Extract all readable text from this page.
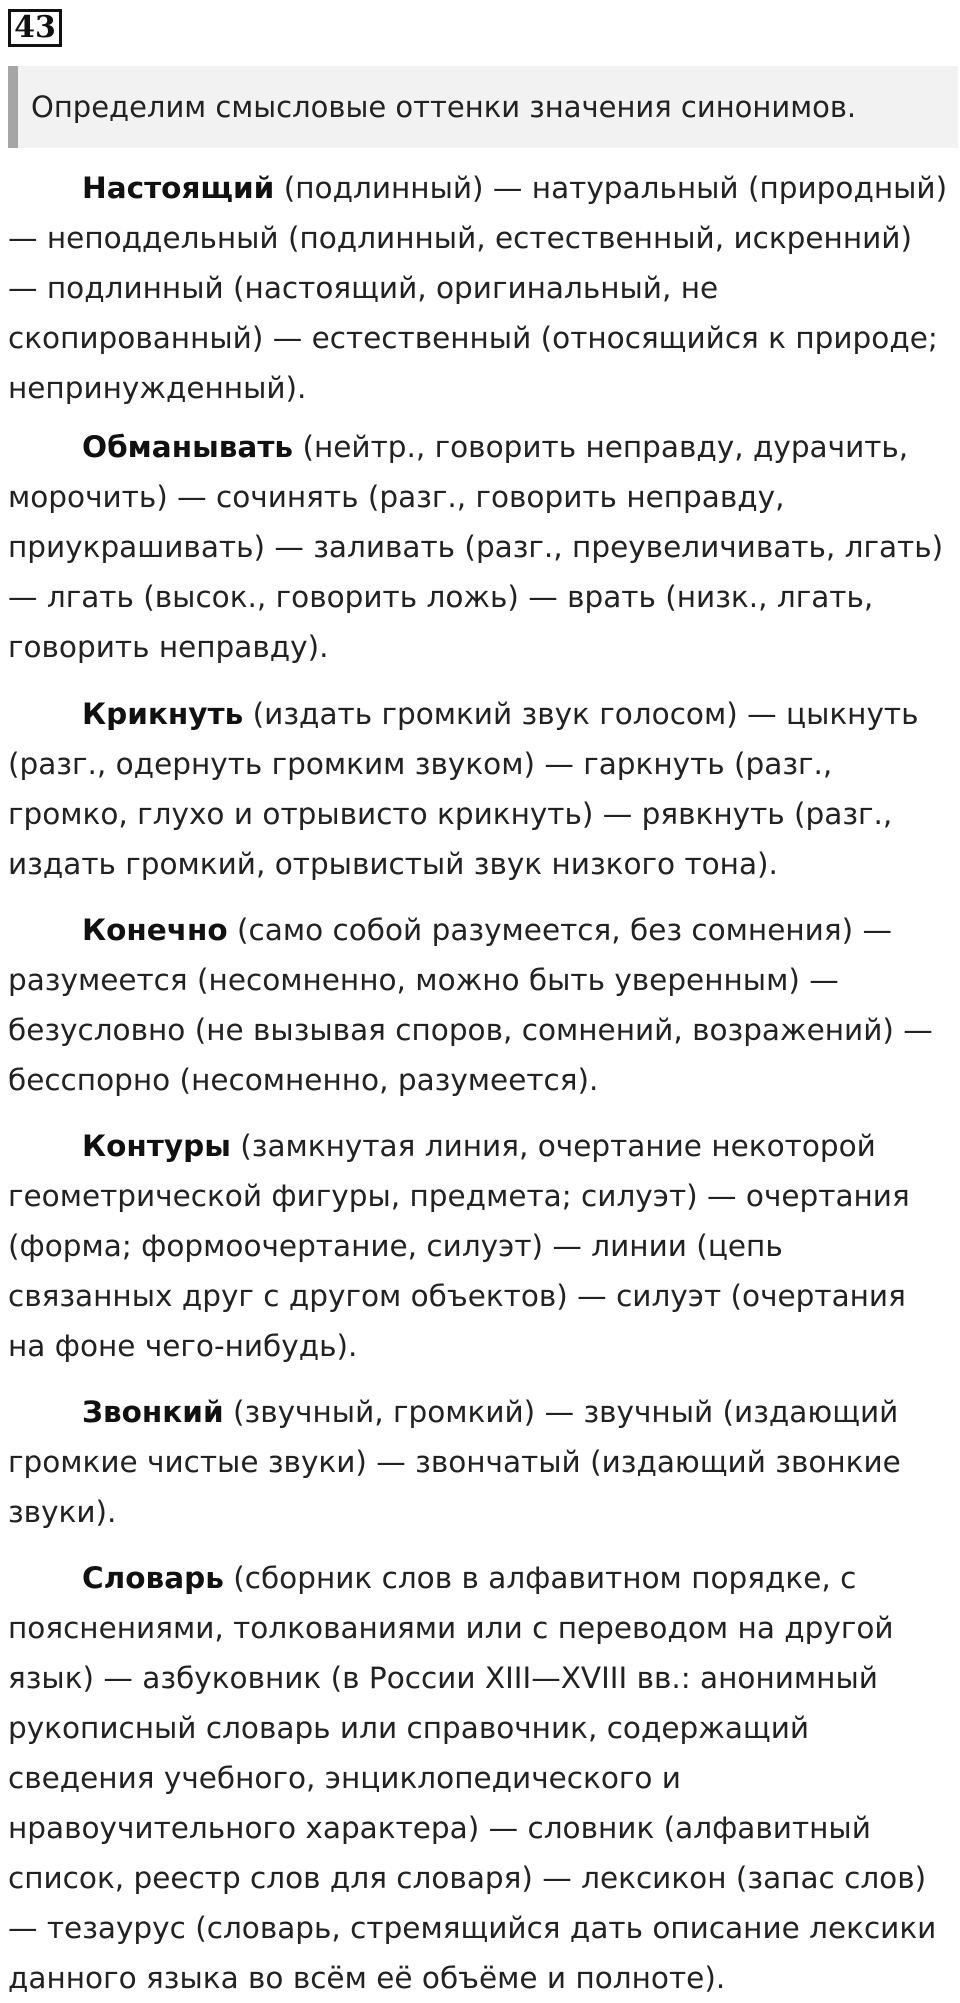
43
Определим смысловые оттенки значения синонимов.

Настоящий (подлинный) — натуральный (природный) — неподдельный (подлинный, естественный, искренний) — подлинный (настоящий, оригинальный, не скопированный) — естественный (относящийся к природе; непринужденный).

Обманывать (нейтр., говорить неправду, дурачить, морочить) — сочинять (разг., говорить неправду, приукрашивать) — заливать (разг., преувеличивать, лгать) — лгать (высок., говорить ложь) — врать (низк., лгать, говорить неправду).

Крикнуть (издать громкий звук голосом) — цыкнуть (разг., одернуть громким звуком) — гаркнуть (разг., громко, глухо и отрывисто крикнуть) — рявкнуть (разг., издать громкий, отрывистый звук низкого тона).

Конечно (само собой разумеется, без сомнения) — разумеется (несомненно, можно быть уверенным) — безусловно (не вызывая споров, сомнений, возражений) — бесспорно (несомненно, разумеется).

Контуры (замкнутая линия, очертание некоторой геометрической фигуры, предмета; силуэт) — очертания (форма; формоочертание, силуэт) — линии (цепь связанных друг с другом объектов) — силуэт (очертания на фоне чего-нибудь).

Звонкий (звучный, громкий) — звучный (издающий громкие чистые звуки) — звончатый (издающий звонкие звуки).

Словарь (сборник слов в алфавитном порядке, с пояснениями, толкованиями или с переводом на другой язык) — азбуковник (в России XIII—XVIII вв.: анонимный рукописный словарь или справочник, содержащий сведения учебного, энциклопедического и нравоучительного характера) — словник (алфавитный список, реестр слов для словаря) — лексикон (запас слов) — тезаурус (словарь, стремящийся дать описание лексики данного языка во всём её объёме и полноте).
